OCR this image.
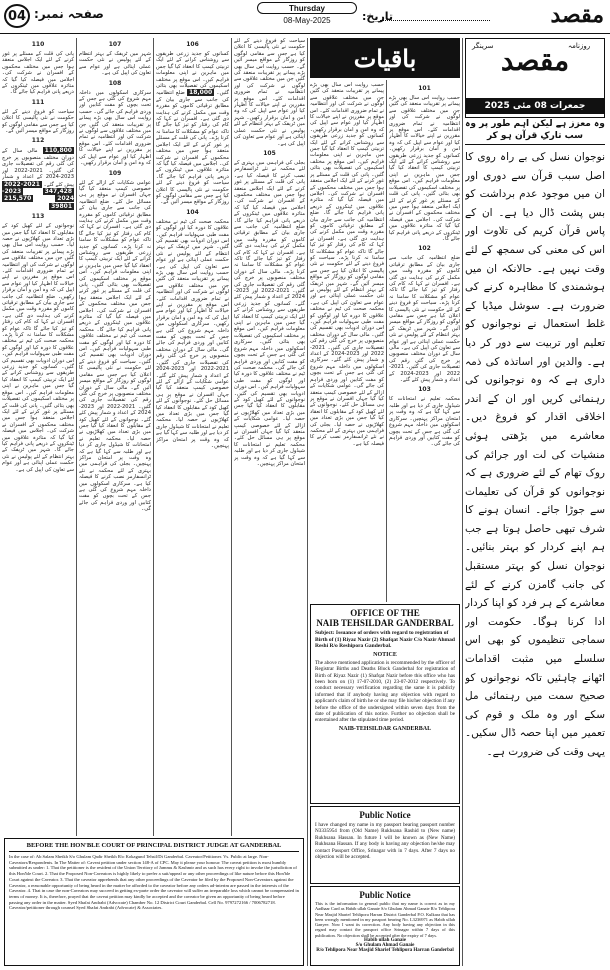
04 صفحہ نمبر:	Thursday
08-May-2025	تاریخ:	مقصد
110
پانی کی قلت کے مسئلے پر غور کرنے کے لئے ایک اجلاس منعقد ہوا جس میں مختلف محکموں کے افسران نے شرکت کی۔ اجلاس میں فیصلہ کیا گیا کہ متاثرہ علاقوں میں ٹینکروں کے ذریعے پانی فراہم کیا جائے گا۔
111
سیاحت کو فروغ دینے کے لئے حکومت نے نئی پالیسی کا اعلان کیا ہے جس سے مقامی لوگوں کو روزگار کے مواقع میسر آئیں گے۔
112
110,800 مالی سال کے دوران مختلف منصوبوں پر خرچ کی گئی رقم کی تفصیلات جاری کی گئیں۔ 2021-2022 اور 2023-2024 کے اعداد و شمار پیش کئے گئے۔ 2021-2022 347,428 2023-2024 215,570 39801
113
نوجوانوں کے لئے کھیل کود کے مقابلوں کا انعقاد کیا گیا جس میں بڑی تعداد میں کھلاڑیوں نے حصہ لیا۔ حسب روایت اس سال بھی بڑے پیمانے پر تقریبات منعقد کی گئیں جن میں مختلف علاقوں سے لوگوں نے شرکت کی اور انتظامیہ نے تمام ضروری اقدامات کئے۔ اس موقع پر مقررین نے اپنے خیالات کا اظہار کیا اور عوام سے اپیل کی کہ وہ امن و امان برقرار رکھیں۔ ضلع انتظامیہ کی جانب سے جاری بیان کے مطابق ترقیاتی کاموں کو مقررہ وقت میں مکمل کرنے کی ہدایت دی گئی ہے۔ افسران نے کہا کہ کام کی رفتار کو تیز کیا جائے گا تاکہ عوام کو مشکلات کا سامنا نہ کرنا پڑے۔ محکمہ صحت کی ٹیم نے مختلف علاقوں کا دورہ کیا اور لوگوں کو مفت طبی سہولیات فراہم کیں۔ اس دوران ادویات بھی تقسیم کی گئیں۔ کسانوں کو جدید زرعی طریقوں سے روشناس کرانے کے لئے ایک تربیتی کیمپ کا انعقاد کیا گیا جس میں ماہرین نے اپنی معلومات فراہم کیں۔ اس موقع پر مختلف اسکیموں کی تفصیلات بھی بتائی گئیں۔ پانی کی قلت کے مسئلے پر غور کرنے کے لئے ایک اجلاس منعقد ہوا جس میں مختلف محکموں کے افسران نے شرکت کی۔ اجلاس میں فیصلہ کیا گیا کہ متاثرہ علاقوں میں ٹینکروں کے ذریعے پانی فراہم کیا جائے گا۔ شہر میں ٹریفک کے بہتر انتظام کے لئے پولیس نے نئی حکمت عملی اپنائی ہے اور عوام سے تعاون کی اپیل کی ہے۔
107
شہر میں ٹریفک کے بہتر انتظام کے لئے پولیس نے نئی حکمت عملی اپنائی ہے اور عوام سے تعاون کی اپیل کی ہے۔
108
سرکاری اسکولوں میں داخلہ مہم شروع کی گئی ہے جس کے تحت بچوں کو مفت کتابیں اور وردی فراہم کی جائے گی۔ حسب روایت اس سال بھی بڑے پیمانے پر تقریبات منعقد کی گئیں جن میں مختلف علاقوں سے لوگوں نے شرکت کی اور انتظامیہ نے تمام ضروری اقدامات کئے۔ اس موقع پر مقررین نے اپنے خیالات کا اظہار کیا اور عوام سے اپیل کی کہ وہ امن و امان برقرار رکھیں۔
109
عوامی شکایات کے ازالے کے لئے خصوصی کیمپ منعقد کیا گیا جہاں افسران نے موقع پر ہی مسائل حل کئے۔ ضلع انتظامیہ کی جانب سے جاری بیان کے مطابق ترقیاتی کاموں کو مقررہ وقت میں مکمل کرنے کی ہدایت دی گئی ہے۔ افسران نے کہا کہ کام کی رفتار کو تیز کیا جائے گا تاکہ عوام کو مشکلات کا سامنا نہ کرنا پڑے۔ کسانوں کو جدید زرعی طریقوں سے روشناس کرانے کے لئے ایک تربیتی کیمپ کا انعقاد کیا گیا جس میں ماہرین نے اپنی معلومات فراہم کیں۔ اس موقع پر مختلف اسکیموں کی تفصیلات بھی بتائی گئیں۔ پانی کی قلت کے مسئلے پر غور کرنے کے لئے ایک اجلاس منعقد ہوا جس میں مختلف محکموں کے افسران نے شرکت کی۔ اجلاس میں فیصلہ کیا گیا کہ متاثرہ علاقوں میں ٹینکروں کے ذریعے پانی فراہم کیا جائے گا۔ محکمہ صحت کی ٹیم نے مختلف علاقوں کا دورہ کیا اور لوگوں کو مفت طبی سہولیات فراہم کیں۔ اس دوران ادویات بھی تقسیم کی گئیں۔ سیاحت کو فروغ دینے کے لئے حکومت نے نئی پالیسی کا اعلان کیا ہے جس سے مقامی لوگوں کو روزگار کے مواقع میسر آئیں گے۔ مالی سال کے دوران مختلف منصوبوں پر خرچ کی گئی رقم کی تفصیلات جاری کی گئیں۔ 2021-2022 اور 2023-2024 کے اعداد و شمار پیش کئے گئے۔ نوجوانوں کے لئے کھیل کود کے مقابلوں کا انعقاد کیا گیا جس میں بڑی تعداد میں کھلاڑیوں نے حصہ لیا۔ محکمہ تعلیم نے امتحانات کا شیڈول جاری کر دیا ہے اور طلبہ سے کہا گیا ہے کہ وہ وقت پر امتحان مراکز پہنچیں۔ بجلی کی فراہمی میں بہتری کے لئے محکمہ نے نئے ٹرانسفارمر نصب کرنے کا فیصلہ کیا ہے۔ سرکاری اسکولوں میں داخلہ مہم شروع کی گئی ہے جس کے تحت بچوں کو مفت کتابیں اور وردی فراہم کی جائے گی۔
106
کسانوں کو جدید زرعی طریقوں سے روشناس کرانے کے لئے ایک تربیتی کیمپ کا انعقاد کیا گیا جس میں ماہرین نے اپنی معلومات فراہم کیں۔ اس موقع پر مختلف اسکیموں کی تفصیلات بھی بتائی گئیں۔ 18,000 ضلع انتظامیہ کی جانب سے جاری بیان کے مطابق ترقیاتی کاموں کو مقررہ وقت میں مکمل کرنے کی ہدایت دی گئی ہے۔ افسران نے کہا کہ کام کی رفتار کو تیز کیا جائے گا تاکہ عوام کو مشکلات کا سامنا نہ کرنا پڑے۔ پانی کی قلت کے مسئلے پر غور کرنے کے لئے ایک اجلاس منعقد ہوا جس میں مختلف محکموں کے افسران نے شرکت کی۔ اجلاس میں فیصلہ کیا گیا کہ متاثرہ علاقوں میں ٹینکروں کے ذریعے پانی فراہم کیا جائے گا۔ سیاحت کو فروغ دینے کے لئے حکومت نے نئی پالیسی کا اعلان کیا ہے جس سے مقامی لوگوں کو روزگار کے مواقع میسر آئیں گے۔
104
محکمہ صحت کی ٹیم نے مختلف علاقوں کا دورہ کیا اور لوگوں کو مفت طبی سہولیات فراہم کیں۔ اس دوران ادویات بھی تقسیم کی گئیں۔ شہر میں ٹریفک کے بہتر انتظام کے لئے پولیس نے نئی حکمت عملی اپنائی ہے اور عوام سے تعاون کی اپیل کی ہے۔ حسب روایت اس سال بھی بڑے پیمانے پر تقریبات منعقد کی گئیں جن میں مختلف علاقوں سے لوگوں نے شرکت کی اور انتظامیہ نے تمام ضروری اقدامات کئے۔ اس موقع پر مقررین نے اپنے خیالات کا اظہار کیا اور عوام سے اپیل کی کہ وہ امن و امان برقرار رکھیں۔ سرکاری اسکولوں میں داخلہ مہم شروع کی گئی ہے جس کے تحت بچوں کو مفت کتابیں اور وردی فراہم کی جائے گی۔ مالی سال کے دوران مختلف منصوبوں پر خرچ کی گئی رقم کی تفصیلات جاری کی گئیں۔ 2021-2022 اور 2023-2024 کے اعداد و شمار پیش کئے گئے۔ عوامی شکایات کے ازالے کے لئے خصوصی کیمپ منعقد کیا گیا جہاں افسران نے موقع پر ہی مسائل حل کئے۔ نوجوانوں کے لئے کھیل کود کے مقابلوں کا انعقاد کیا گیا جس میں بڑی تعداد میں کھلاڑیوں نے حصہ لیا۔ محکمہ تعلیم نے امتحانات کا شیڈول جاری کر دیا ہے اور طلبہ سے کہا گیا ہے کہ وہ وقت پر امتحان مراکز پہنچیں۔
سیاحت کو فروغ دینے کے لئے حکومت نے نئی پالیسی کا اعلان کیا ہے جس سے مقامی لوگوں کو روزگار کے مواقع میسر آئیں گے۔ حسب روایت اس سال بھی بڑے پیمانے پر تقریبات منعقد کی گئیں جن میں مختلف علاقوں سے لوگوں نے شرکت کی اور انتظامیہ نے تمام ضروری اقدامات کئے۔ اس موقع پر مقررین نے اپنے خیالات کا اظہار کیا اور عوام سے اپیل کی کہ وہ امن و امان برقرار رکھیں۔ شہر میں ٹریفک کے بہتر انتظام کے لئے پولیس نے نئی حکمت عملی اپنائی ہے اور عوام سے تعاون کی اپیل کی ہے۔
105
بجلی کی فراہمی میں بہتری کے لئے محکمہ نے نئے ٹرانسفارمر نصب کرنے کا فیصلہ کیا ہے۔ پانی کی قلت کے مسئلے پر غور کرنے کے لئے ایک اجلاس منعقد ہوا جس میں مختلف محکموں کے افسران نے شرکت کی۔ اجلاس میں فیصلہ کیا گیا کہ متاثرہ علاقوں میں ٹینکروں کے ذریعے پانی فراہم کیا جائے گا۔ ضلع انتظامیہ کی جانب سے جاری بیان کے مطابق ترقیاتی کاموں کو مقررہ وقت میں مکمل کرنے کی ہدایت دی گئی ہے۔ افسران نے کہا کہ کام کی رفتار کو تیز کیا جائے گا تاکہ عوام کو مشکلات کا سامنا نہ کرنا پڑے۔ مالی سال کے دوران مختلف منصوبوں پر خرچ کی گئی رقم کی تفصیلات جاری کی گئیں۔ 2021-2022 اور 2023-2024 کے اعداد و شمار پیش کئے گئے۔ کسانوں کو جدید زرعی طریقوں سے روشناس کرانے کے لئے ایک تربیتی کیمپ کا انعقاد کیا گیا جس میں ماہرین نے اپنی معلومات فراہم کیں۔ اس موقع پر مختلف اسکیموں کی تفصیلات بھی بتائی گئیں۔ سرکاری اسکولوں میں داخلہ مہم شروع کی گئی ہے جس کے تحت بچوں کو مفت کتابیں اور وردی فراہم کی جائے گی۔ محکمہ صحت کی ٹیم نے مختلف علاقوں کا دورہ کیا اور لوگوں کو مفت طبی سہولیات فراہم کیں۔ اس دوران ادویات بھی تقسیم کی گئیں۔ نوجوانوں کے لئے کھیل کود کے مقابلوں کا انعقاد کیا گیا جس میں بڑی تعداد میں کھلاڑیوں نے حصہ لیا۔ عوامی شکایات کے ازالے کے لئے خصوصی کیمپ منعقد کیا گیا جہاں افسران نے موقع پر ہی مسائل حل کئے۔ محکمہ تعلیم نے امتحانات کا شیڈول جاری کر دیا ہے اور طلبہ سے کہا گیا ہے کہ وہ وقت پر امتحان مراکز پہنچیں۔
باقیات
حسب روایت اس سال بھی بڑے پیمانے پر تقریبات منعقد کی گئیں جن میں مختلف علاقوں سے لوگوں نے شرکت کی اور انتظامیہ نے تمام ضروری اقدامات کئے۔ اس موقع پر مقررین نے اپنے خیالات کا اظہار کیا اور عوام سے اپیل کی کہ وہ امن و امان برقرار رکھیں۔ کسانوں کو جدید زرعی طریقوں سے روشناس کرانے کے لئے ایک تربیتی کیمپ کا انعقاد کیا گیا جس میں ماہرین نے اپنی معلومات فراہم کیں۔ اس موقع پر مختلف اسکیموں کی تفصیلات بھی بتائی گئیں۔ پانی کی قلت کے مسئلے پر غور کرنے کے لئے ایک اجلاس منعقد ہوا جس میں مختلف محکموں کے افسران نے شرکت کی۔ اجلاس میں فیصلہ کیا گیا کہ متاثرہ علاقوں میں ٹینکروں کے ذریعے پانی فراہم کیا جائے گا۔ ضلع انتظامیہ کی جانب سے جاری بیان کے مطابق ترقیاتی کاموں کو مقررہ وقت میں مکمل کرنے کی ہدایت دی گئی ہے۔ افسران نے کہا کہ کام کی رفتار کو تیز کیا جائے گا تاکہ عوام کو مشکلات کا سامنا نہ کرنا پڑے۔ سیاحت کو فروغ دینے کے لئے حکومت نے نئی پالیسی کا اعلان کیا ہے جس سے مقامی لوگوں کو روزگار کے مواقع میسر آئیں گے۔ شہر میں ٹریفک کے بہتر انتظام کے لئے پولیس نے نئی حکمت عملی اپنائی ہے اور عوام سے تعاون کی اپیل کی ہے۔ محکمہ صحت کی ٹیم نے مختلف علاقوں کا دورہ کیا اور لوگوں کو مفت طبی سہولیات فراہم کیں۔ اس دوران ادویات بھی تقسیم کی گئیں۔ مالی سال کے دوران مختلف منصوبوں پر خرچ کی گئی رقم کی تفصیلات جاری کی گئیں۔ 2021-2022 اور 2023-2024 کے اعداد و شمار پیش کئے گئے۔ سرکاری اسکولوں میں داخلہ مہم شروع کی گئی ہے جس کے تحت بچوں کو مفت کتابیں اور وردی فراہم کی جائے گی۔ عوامی شکایات کے ازالے کے لئے خصوصی کیمپ منعقد کیا گیا جہاں افسران نے موقع پر ہی مسائل حل کئے۔ نوجوانوں کے لئے کھیل کود کے مقابلوں کا انعقاد کیا گیا جس میں بڑی تعداد میں کھلاڑیوں نے حصہ لیا۔ بجلی کی فراہمی میں بہتری کے لئے محکمہ نے نئے ٹرانسفارمر نصب کرنے کا فیصلہ کیا ہے۔
101
حسب روایت اس سال بھی بڑے پیمانے پر تقریبات منعقد کی گئیں جن میں مختلف علاقوں سے لوگوں نے شرکت کی اور انتظامیہ نے تمام ضروری اقدامات کئے۔ اس موقع پر مقررین نے اپنے خیالات کا اظہار کیا اور عوام سے اپیل کی کہ وہ امن و امان برقرار رکھیں۔ کسانوں کو جدید زرعی طریقوں سے روشناس کرانے کے لئے ایک تربیتی کیمپ کا انعقاد کیا گیا جس میں ماہرین نے اپنی معلومات فراہم کیں۔ اس موقع پر مختلف اسکیموں کی تفصیلات بھی بتائی گئیں۔ پانی کی قلت کے مسئلے پر غور کرنے کے لئے ایک اجلاس منعقد ہوا جس میں مختلف محکموں کے افسران نے شرکت کی۔ اجلاس میں فیصلہ کیا گیا کہ متاثرہ علاقوں میں ٹینکروں کے ذریعے پانی فراہم کیا جائے گا۔
102
ضلع انتظامیہ کی جانب سے جاری بیان کے مطابق ترقیاتی کاموں کو مقررہ وقت میں مکمل کرنے کی ہدایت دی گئی ہے۔ افسران نے کہا کہ کام کی رفتار کو تیز کیا جائے گا تاکہ عوام کو مشکلات کا سامنا نہ کرنا پڑے۔ سیاحت کو فروغ دینے کے لئے حکومت نے نئی پالیسی کا اعلان کیا ہے جس سے مقامی لوگوں کو روزگار کے مواقع میسر آئیں گے۔ شہر میں ٹریفک کے بہتر انتظام کے لئے پولیس نے نئی حکمت عملی اپنائی ہے اور عوام سے تعاون کی اپیل کی ہے۔ مالی سال کے دوران مختلف منصوبوں پر خرچ کی گئی رقم کی تفصیلات جاری کی گئیں۔ 2021-2022 اور 2023-2024 کے اعداد و شمار پیش کئے گئے۔
103
محکمہ تعلیم نے امتحانات کا شیڈول جاری کر دیا ہے اور طلبہ سے کہا گیا ہے کہ وہ وقت پر امتحان مراکز پہنچیں۔ سرکاری اسکولوں میں داخلہ مہم شروع کی گئی ہے جس کے تحت بچوں کو مفت کتابیں اور وردی فراہم کی جائے گی۔
OFFICE OF THE
NAIB TEHSILDAR GANDERBAL
Subject: Issuance of orders with regard to registration of Birth of (1) Riyaz Nazir (2) Shafqat Nazir C/o Nazir Ahmad Reshi R/o Reshipora Ganderbal.
NOTICE
The above mentioned application is recommended by the officer of Registrar Births and Deaths Block Ganderbal for registration of Birth of Riyaz Nazir (1) Shafqat Nazir before this office who has been born on (1) 17-07-2010, (2) 23-07-2012 respectively. To conduct necessary verification regarding the same it is publicly informed that if anybody having any objection with regard to applicant's claim of birth he or she may file his/her objection if any before the office of the undersigned within seven days from the date of publication of this notice. Further no objection shall be entertained after the stipulated time period.
NAIB-TEHSILDAR GANDERBAL
Public Notice
I have changed my name in my passport bearing passport number N3335954 from (Old Name) Rukhsana Rashid to (New name) Rukhsana Hassan. In future I will be known as (New Name) Rukhsana Hassan. If any body is having any objection he/she may contact Passport Office, Srinagar with in 7 days. After 7 days no objection will be accepted.
Public Notice
This is the information to general public that my name is correct as in my Aadhaar Card as Habib ullah Ganaie S/o Ghulam Ahmad Ganaie R/o Tehlipora Near Masjid Sharief Tehlipora Harran District Ganderbal P.O. Kulkara that has been wrongly mentioned in my passport bearing No. L3236971 as Habib ullah Ganyee. Now I want its correction. Any body having any objection in this regard may contact the passport office Srinagar within 7 days of this publication. No objection shall be accepted after the expiry of 7 days.
Habib ullah Ganaie
S/o Ghulam Ahmad Ganaie
R/o Tehlipora Near Masjid Sharief Tehlipora Harran Ganderbal
BEFORE THE HON'BLE COURT OF PRINCIPAL DISTRICT JUDGE AT GANDERBAL
In the case of: Ab Salam Sheikh S/o Ghulam Qadir Sheikh R/o Kokagund Tehsil/Dt Ganderbal. Caveator/Petitioner. Vs. Public at large. Non-Caveators/Respondents. In The Matter of: Caveat petition under section 148-A of CPC. May it please your honour: The caveat petition is most humbly submitted as under: 1. That the petitioner is the resident of the Union Territory of Jammu & Kashmir and as such has every right to invoke the jurisdiction of this Hon'ble Court. 2. That the Proposed Non-Caveators is highly likely to prefer a suit/appeal or any other proceedings of like nature before this Hon'ble Court against the Caveator. 3. That the caveator apprehends that any other proceedings of the Caveator be filed by the Proposed Non-Caveators against the Caveator, a reasonable opportunity of being heard in the matter be afforded to the caveator before any orders ad-interim are passed in the interests of the Caveator. 4. That in case the non-Caveators may succeed in getting ex-parte order the caveator will suffer an irreparable loss which cannot be compensated in terms of money. It is, therefore, prayed that the caveat petition may kindly be accepted and the caveator be given an opportunity of being heard before passing any order in the matter. Syed Shafat Andrabi (Advocate) Chamber No. 12 District Court Ganderbal. Cell No. 9797272166 / 7006782718. Caveator/petitioner through counsel Syed Shafat Andrabi (Advocate) & Associates.
روزنامہ
سرینگر مقصد
جمعرات 08 مئی 2025
وہ معزز ہے لیکن اہم طور پر وہ سب تارکِ قرآن ہو کر
نوجوان نسل کی بے راہ روی کا اصل سبب قرآن سے دوری اور ان میں موجود عدم برداشت کو بس پشت ڈال دیا ہے۔ ان کے پاس قرآن کریم کی تلاوت اور اس کی معنی کی سمجھ کے لئے وقت نہیں ہے۔ حالانکہ ان میں ہوشمندی کا مظاہرہ کرنے کی ضرورت ہے۔ سوشل میڈیا کے غلط استعمال نے نوجوانوں کو تعلیم اور تربیت سے دور کر دیا ہے۔ والدین اور اساتذہ کی ذمہ داری ہے کہ وہ نوجوانوں کی رہنمائی کریں اور ان کے اندر اخلاقی اقدار کو فروغ دیں۔ معاشرے میں بڑھتی ہوئی منشیات کی لت اور جرائم کی روک تھام کے لئے ضروری ہے کہ نوجوانوں کو قرآن کی تعلیمات سے جوڑا جائے۔ انسان ہونے کا شرف تبھی حاصل ہوتا ہے جب ہم اپنے کردار کو بہتر بنائیں۔ نوجوان نسل کو بہتر مستقبل کی جانب گامزن کرنے کے لئے معاشرے کے ہر فرد کو اپنا کردار ادا کرنا ہوگا۔ حکومت اور سماجی تنظیموں کو بھی اس سلسلے میں مثبت اقدامات اٹھانے چاہئیں تاکہ نوجوانوں کو صحیح سمت میں رہنمائی مل سکے اور وہ ملک و قوم کی تعمیر میں اپنا حصہ ڈال سکیں۔ یہی وقت کی ضرورت ہے۔
